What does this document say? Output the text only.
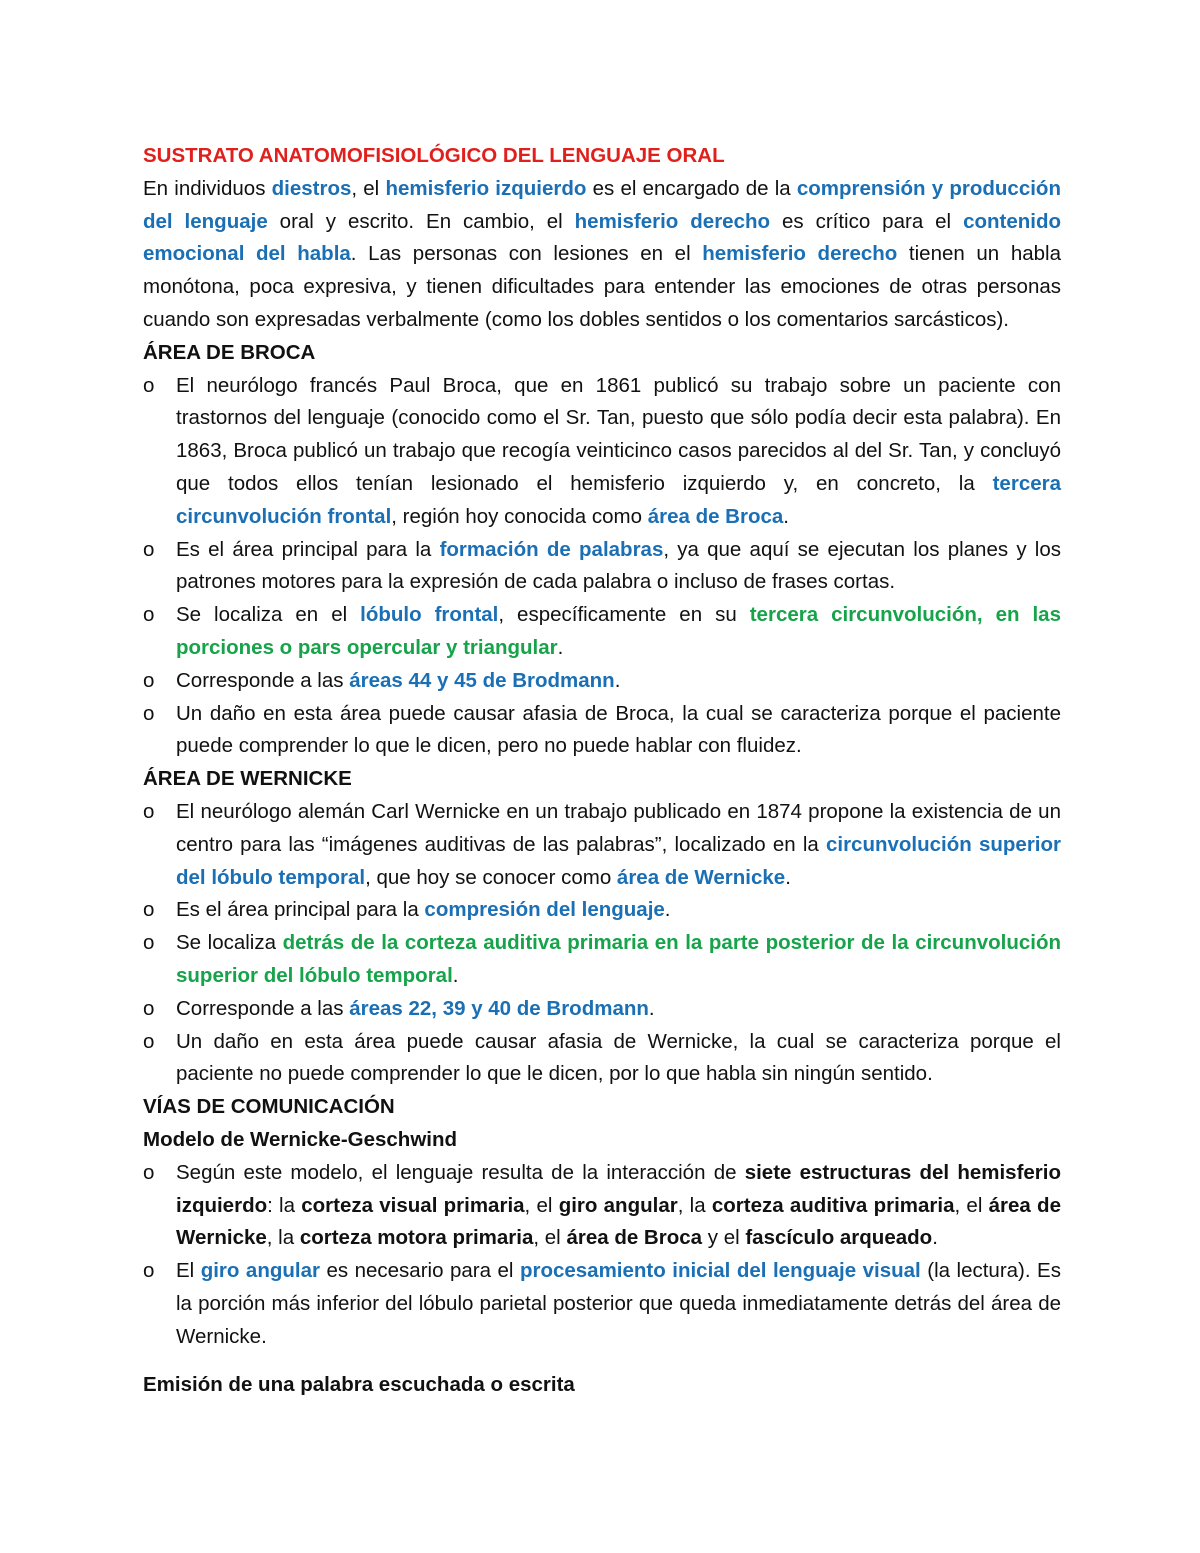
SUSTRATO ANATOMOFISIOLÓGICO DEL LENGUAJE ORAL

En individuos diestros, el hemisferio izquierdo es el encargado de la comprensión y producción del lenguaje oral y escrito. En cambio, el hemisferio derecho es crítico para el contenido emocional del habla. Las personas con lesiones en el hemisferio derecho tienen un habla monótona, poca expresiva, y tienen dificultades para entender las emociones de otras personas cuando son expresadas verbalmente (como los dobles sentidos o los comentarios sarcásticos).

ÁREA DE BROCA

o El neurólogo francés Paul Broca, que en 1861 publicó su trabajo sobre un paciente con trastornos del lenguaje (conocido como el Sr. Tan, puesto que sólo podía decir esta palabra). En 1863, Broca publicó un trabajo que recogía veinticinco casos parecidos al del Sr. Tan, y concluyó que todos ellos tenían lesionado el hemisferio izquierdo y, en concreto, la tercera circunvolución frontal, región hoy conocida como área de Broca.
o Es el área principal para la formación de palabras, ya que aquí se ejecutan los planes y los patrones motores para la expresión de cada palabra o incluso de frases cortas.
o Se localiza en el lóbulo frontal, específicamente en su tercera circunvolución, en las porciones o pars opercular y triangular.
o Corresponde a las áreas 44 y 45 de Brodmann.
o Un daño en esta área puede causar afasia de Broca, la cual se caracteriza porque el paciente puede comprender lo que le dicen, pero no puede hablar con fluidez.

ÁREA DE WERNICKE

o El neurólogo alemán Carl Wernicke en un trabajo publicado en 1874 propone la existencia de un centro para las “imágenes auditivas de las palabras”, localizado en la circunvolución superior del lóbulo temporal, que hoy se conocer como área de Wernicke.
o Es el área principal para la compresión del lenguaje.
o Se localiza detrás de la corteza auditiva primaria en la parte posterior de la circunvolución superior del lóbulo temporal.
o Corresponde a las áreas 22, 39 y 40 de Brodmann.
o Un daño en esta área puede causar afasia de Wernicke, la cual se caracteriza porque el paciente no puede comprender lo que le dicen, por lo que habla sin ningún sentido.

VÍAS DE COMUNICACIÓN

Modelo de Wernicke-Geschwind

o Según este modelo, el lenguaje resulta de la interacción de siete estructuras del hemisferio izquierdo: la corteza visual primaria, el giro angular, la corteza auditiva primaria, el área de Wernicke, la corteza motora primaria, el área de Broca y el fascículo arqueado.
o El giro angular es necesario para el procesamiento inicial del lenguaje visual (la lectura). Es la porción más inferior del lóbulo parietal posterior que queda inmediatamente detrás del área de Wernicke.

Emisión de una palabra escuchada o escrita
